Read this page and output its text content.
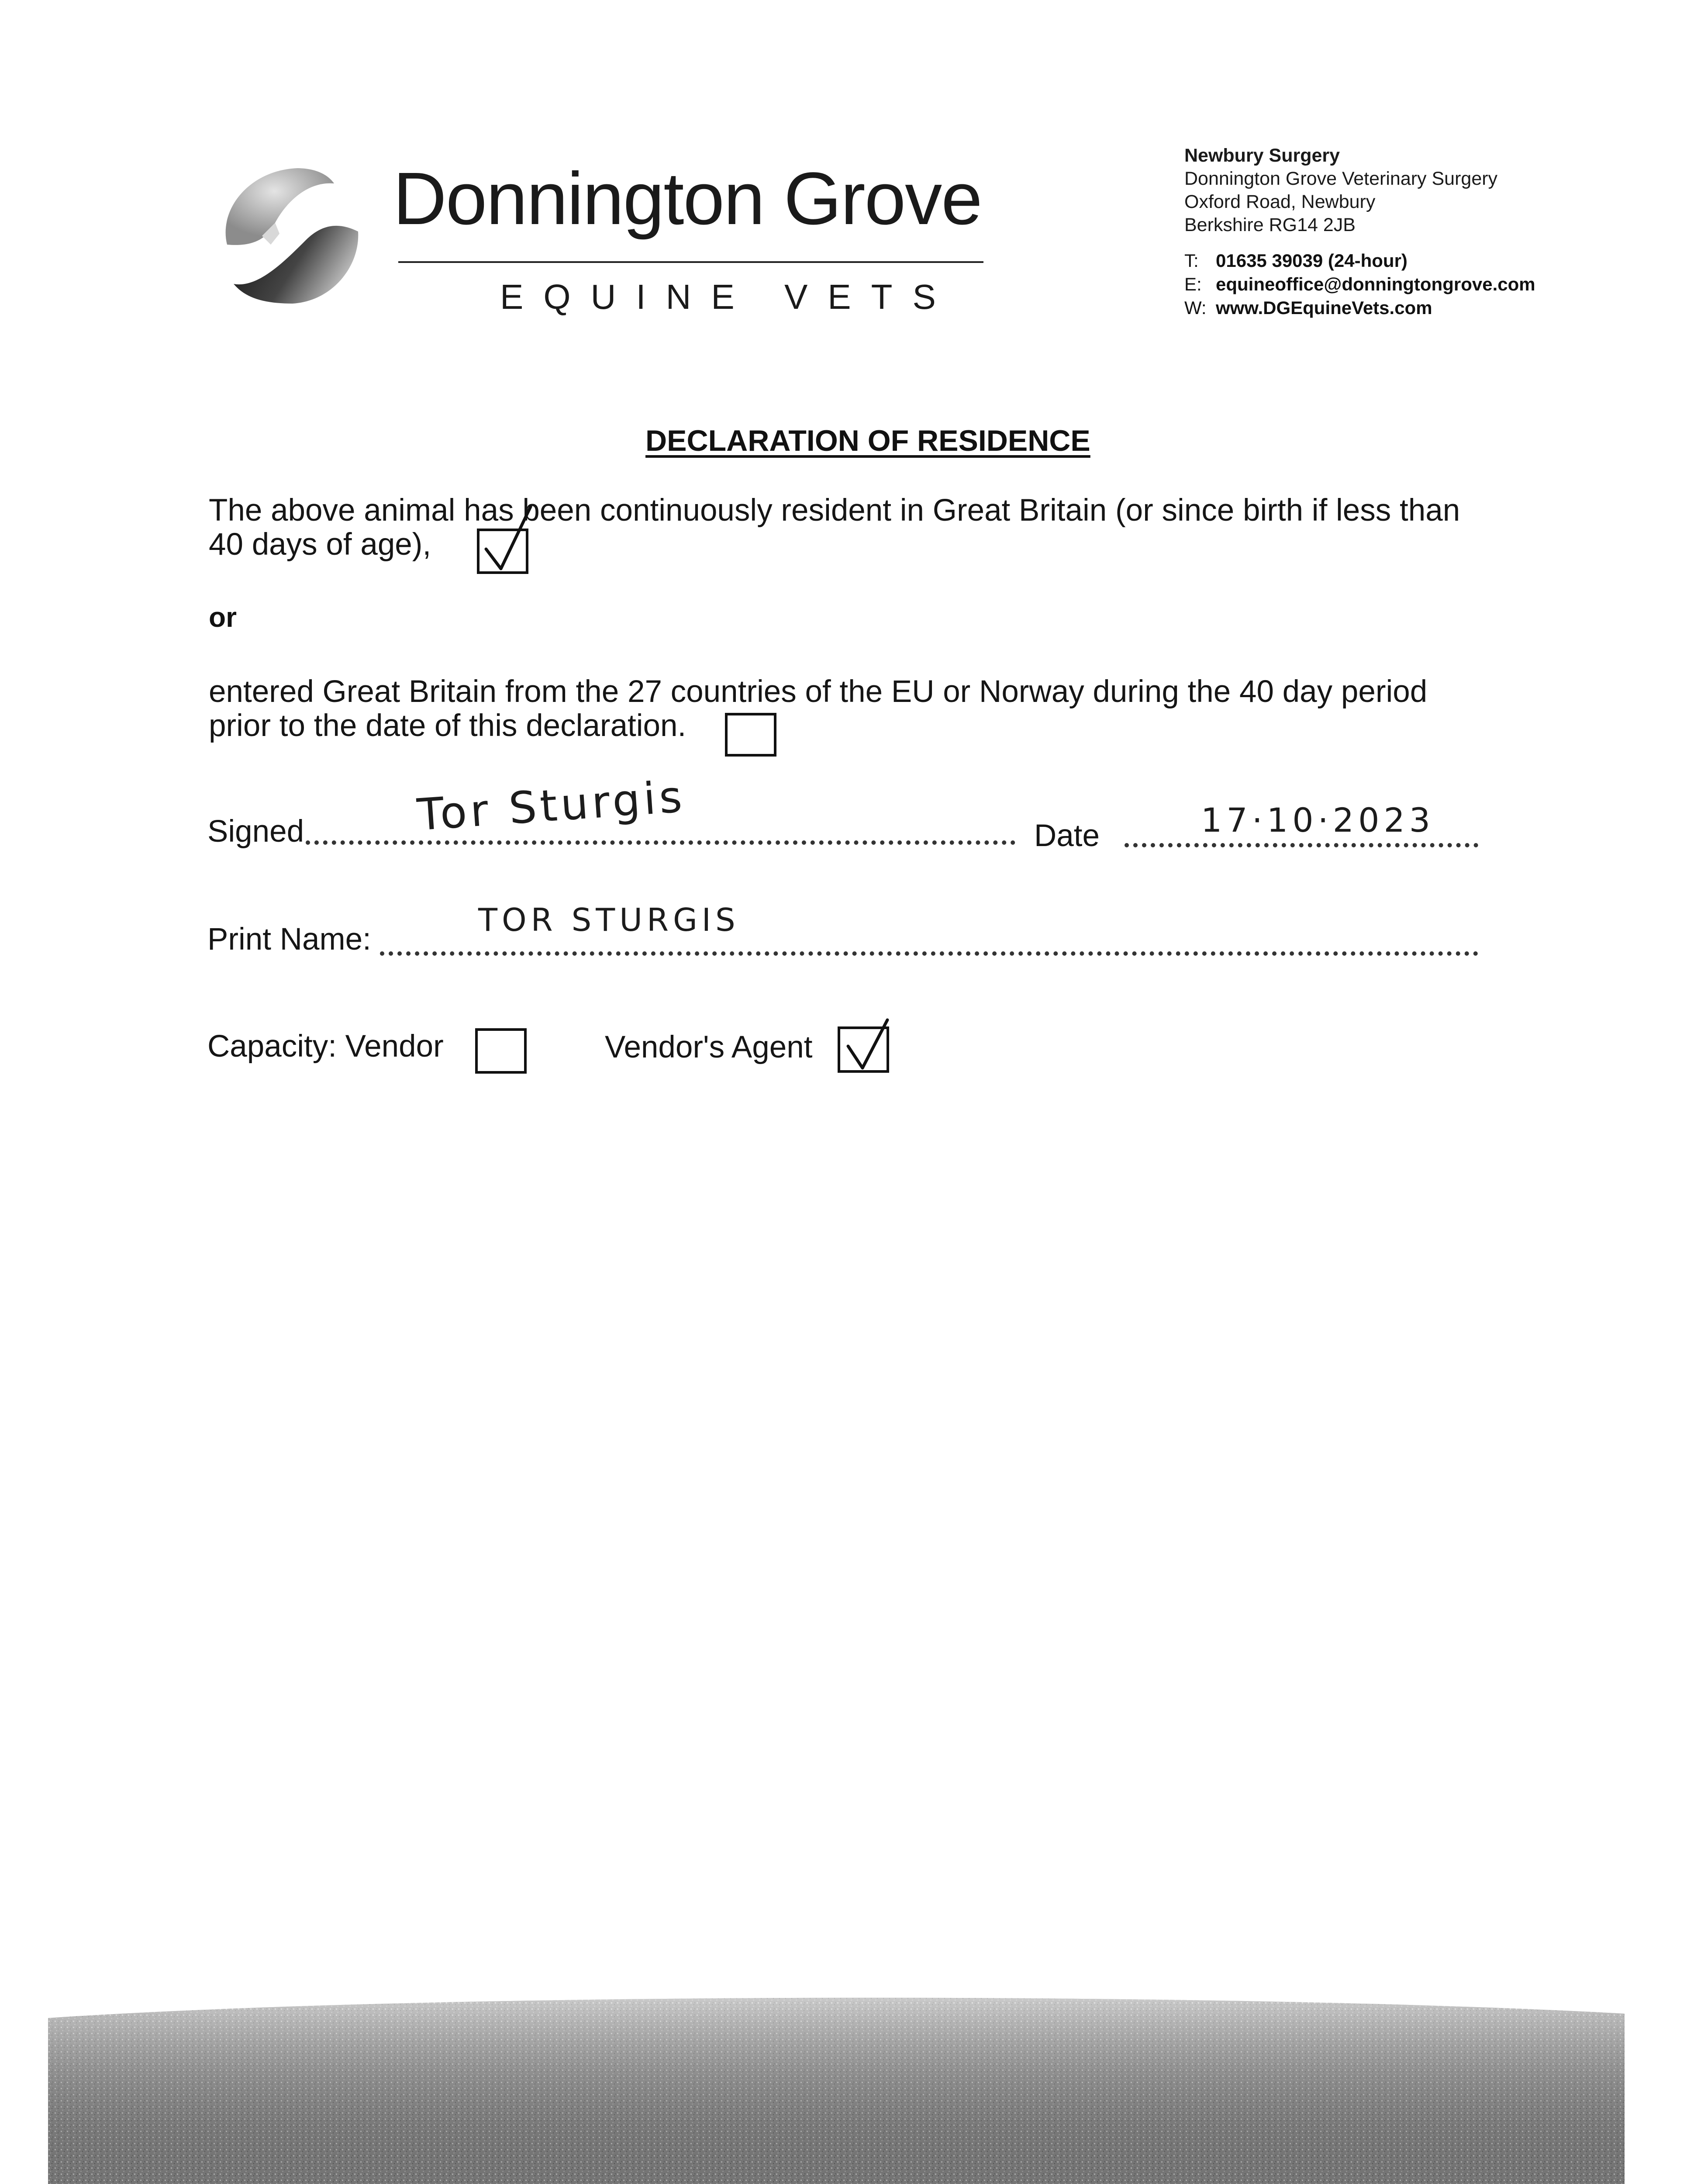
Donnington Grove
EQUINE VETS
Newbury Surgery
Donnington Grove Veterinary Surgery
Oxford Road, Newbury
Berkshire RG14 2JB
T: 01635 39039 (24-hour)
E: equineoffice@donningtongrove.com
W: www.DGEquineVets.com
DECLARATION OF RESIDENCE
The above animal has been continuously resident in Great Britain (or since birth if less than
40 days of age),
or
entered Great Britain from the 27 countries of the EU or Norway during the 40 day period
prior to the date of this declaration.
Signed	Tor Sturgis	Date	17·10·2023
Print Name:
TOR STURGIS
Capacity: Vendor	Vendor's Agent
